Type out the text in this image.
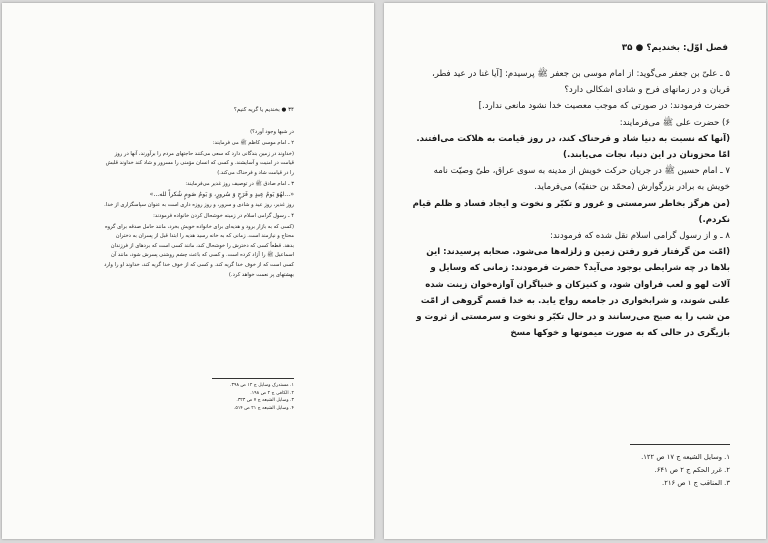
۳۴ ● بخندیم یا گریه کنیم؟

در شبها وجود آورد؟)

۲ ـ امام موسی کاظم ﷺ می فرمایند:

(خداوند در زمین بندگانی دارد که سعی می‌کنند حاجتهای مردم را برآورند، آنها در روز قیامت در امنیت و آسایشند. و کسی که انسان مؤمنی را مسرور و شاد کند خداوند قلبش را در قیامت شاد و فرحناک می‌کند.)

۳ ـ امام صادق ﷺ در توصیف روز غدیر می‌فرمایند:

«...لهُوَ یَومُ عِیدٍ و فَرَحٍ وَ سُرورٍ، وَ یَومُ صَومٍ شُکراً لله...»

روز غدیر، روز عید و شادی و سرور، و روز روزه داری است به عنوان سپاسگزاری از خدا.

۴ ـ رسول گرامی اسلام در زمینه خوشحال کردن خانواده فرمودند:

(کسی که به بازار برود و هدیه‌ای برای خانواده خویش بخرد، مانند حامل صدقه برای گروه محتاج و نیازمند است. زمانی که به خانه رسید هدیه را ابتدا قبل از پسران به دختران بدهد. قطعاً کسی که دخترش را خوشحال کند، مانند کسی است که بردهای از فرزندان اسماعیل ﷺ را آزاد کرده است. و کسی که باعث چشم روشنی پسرش شود، مانند آن کسی است که از خوف خدا گریه کند. و کسی که از خوف خدا گریه کند، خداوند او را وارد بهشتهای پر نعمت خواهد کرد.)

۱. مستدرک وسایل ج ۱۲ ص ۳۹۸.
۲. الکافی ج ۲ ص ۱۹۸.
۳. وسایل الشیعه ج ۷ ص ۳۲۳.
۴. وسایل الشیعه ج ۲۱ ص ۵۱۴.
فصل اوّل: بخندیم؟ ● ۳۵

۵ ـ علیّ بن جعفر می‌گوید: از امام موسی بن جعفر ﷺ پرسیدم: [آیا غنا در عید فطر، قربان و در زمانهای فرح و شادی اشکالی دارد؟

حضرت فرمودند: در صورتی که موجب معصیت خدا نشود مانعی ندارد.]

۶) حضرت علی ﷺ می‌فرمایند:

(آنها که نسبت به دنیا شاد و فرحناک کند، در روز قیامت به هلاکت می‌افتند. امّا محزونان در این دنیا، نجات می‌یابند.)

۷ ـ امام حسین ﷺ در جریان حرکت خویش از مدینه به سوی عراق، طیّ وصیّت نامه خویش به برادر بزرگوارش (محمّد بن حنفیّه) می‌فرماید.

(من هرگز بخاطر سرمستی و غرور و تکبّر و نخوت و ایجاد فساد و ظلم قیام نکردم.)

۸ ـ و از رسول گرامی اسلام نقل شده که فرمودند:

(امّت من گرفتار فرو رفتن زمین و زلزله‌ها می‌شود. صحابه پرسیدند: این بلاها در چه شرایطی بوجود می‌آید؟ حضرت فرمودند: زمانی که وسایل و آلات لهو و لعب فراوان شود، و کنیزکان و خنیاگران آوازه‌خوان زینت شده علنی شوند، و شرابخواری در جامعه رواج یابد. به خدا قسم گروهی از امّت من شب را به صبح می‌رسانند و در حال تکبّر و نخوت و سرمستی از ثروت و بازیگری در حالی که به صورت میمونها و خوکها مسخ

۱. وسایل الشیعه ج ۱۷ ص ۱۲۲.
۲. غرر الحکم ج ۲ ص ۶۴۱.
۳. المناقب ج ۱ ص ۲۱۶.
